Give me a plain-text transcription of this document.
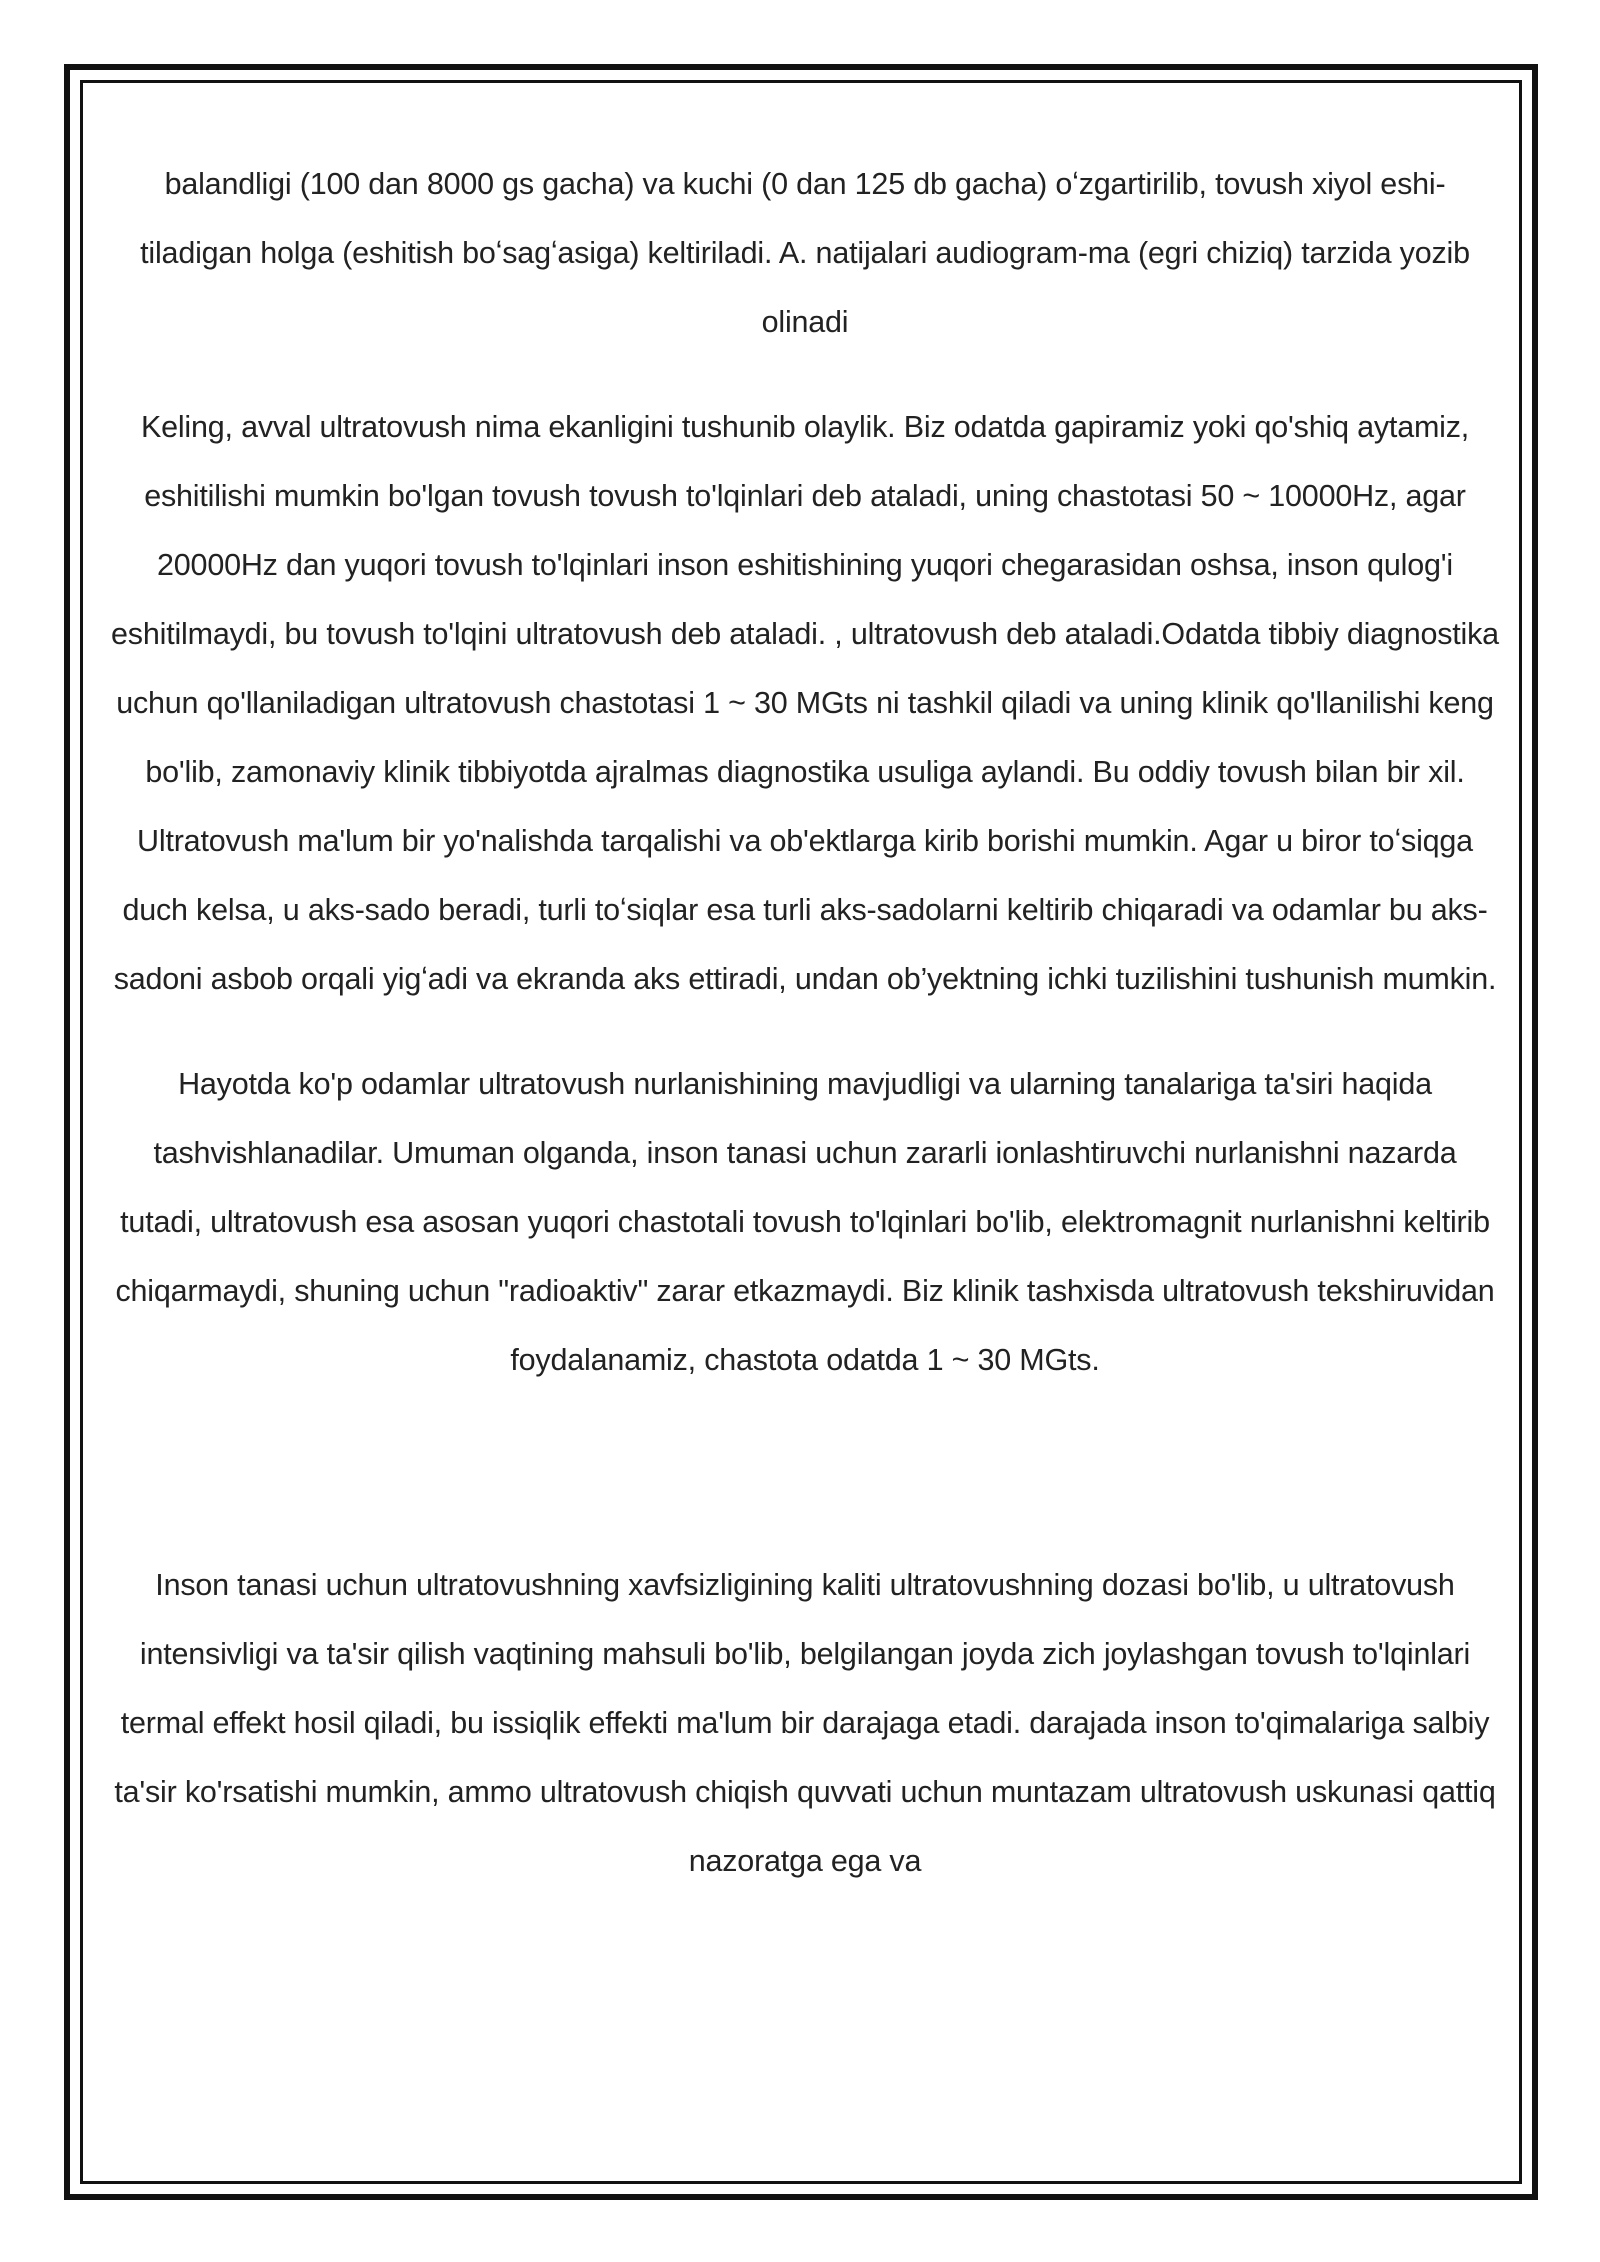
balandligi (100 dan 8000 gs gacha) va kuchi (0 dan 125 db gacha) oʻzgartirilib, tovush xiyol eshi-tiladigan holga (eshitish boʻsagʻasiga) keltiriladi. A. natijalari audiogram-ma (egri chiziq) tarzida yozib olinadi

Keling, avval ultratovush nima ekanligini tushunib olaylik. Biz odatda gapiramiz yoki qo'shiq aytamiz, eshitilishi mumkin bo'lgan tovush tovush to'lqinlari deb ataladi, uning chastotasi 50 ~ 10000Hz, agar 20000Hz dan yuqori tovush to'lqinlari inson eshitishining yuqori chegarasidan oshsa, inson qulog'i eshitilmaydi, bu tovush to'lqini ultratovush deb ataladi. , ultratovush deb ataladi.Odatda tibbiy diagnostika uchun qo'llaniladigan ultratovush chastotasi 1 ~ 30 MGts ni tashkil qiladi va uning klinik qo'llanilishi keng bo'lib, zamonaviy klinik tibbiyotda ajralmas diagnostika usuliga aylandi. Bu oddiy tovush bilan bir xil. Ultratovush ma'lum bir yo'nalishda tarqalishi va ob'ektlarga kirib borishi mumkin. Agar u biror toʻsiqga duch kelsa, u aks-sado beradi, turli toʻsiqlar esa turli aks-sadolarni keltirib chiqaradi va odamlar bu aks-sadoni asbob orqali yigʻadi va ekranda aks ettiradi, undan ob’yektning ichki tuzilishini tushunish mumkin.

Hayotda ko'p odamlar ultratovush nurlanishining mavjudligi va ularning tanalariga ta'siri haqida tashvishlanadilar. Umuman olganda, inson tanasi uchun zararli ionlashtiruvchi nurlanishni nazarda tutadi, ultratovush esa asosan yuqori chastotali tovush to'lqinlari bo'lib, elektromagnit nurlanishni keltirib chiqarmaydi, shuning uchun "radioaktiv" zarar etkazmaydi. Biz klinik tashxisda ultratovush tekshiruvidan foydalanamiz, chastota odatda 1 ~ 30 MGts.

Inson tanasi uchun ultratovushning xavfsizligining kaliti ultratovushning dozasi bo'lib, u ultratovush intensivligi va ta'sir qilish vaqtining mahsuli bo'lib, belgilangan joyda zich joylashgan tovush to'lqinlari termal effekt hosil qiladi, bu issiqlik effekti ma'lum bir darajaga etadi. darajada inson to'qimalariga salbiy ta'sir ko'rsatishi mumkin, ammo ultratovush chiqish quvvati uchun muntazam ultratovush uskunasi qattiq nazoratga ega va
